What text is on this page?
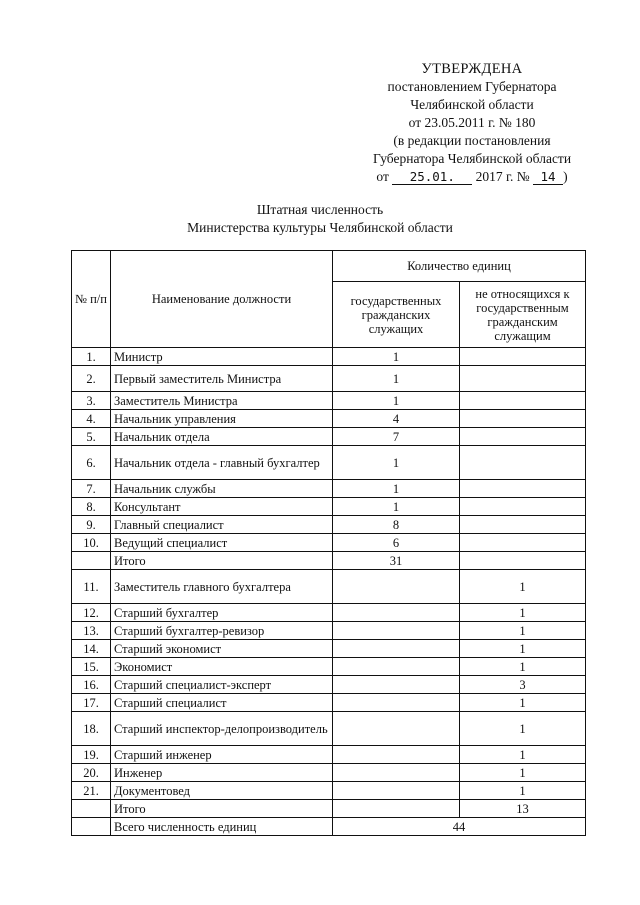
УТВЕРЖДЕНА
постановлением Губернатора
Челябинской области
от 23.05.2011 г. № 180
(в редакции постановления
Губернатора Челябинской области
от 25.01. 2017 г. № 14 )
Штатная численность
Министерства культуры Челябинской области
№ п/п	Наименование должности	Количество единиц	
		государственных гражданских служащих	не относящихся к государственным гражданским служащим
1.	Министр	1	
2.	Первый заместитель Министра	1	
3.	Заместитель Министра	1	
4.	Начальник управления	4	
5.	Начальник отдела	7	
6.	Начальник отдела - главный бухгалтер	1	
7.	Начальник службы	1	
8.	Консультант	1	
9.	Главный специалист	8	
10.	Ведущий специалист	6	
	Итого	31	
11.	Заместитель главного бухгалтера		1
12.	Старший бухгалтер		1
13.	Старший бухгалтер-ревизор		1
14.	Старший экономист		1
15.	Экономист		1
16.	Старший специалист-эксперт		3
17.	Старший специалист		1
18.	Старший инспектор-делопроизводитель		1
19.	Старший инженер		1
20.	Инженер		1
21.	Документовед		1
	Итого		13
	Всего численность единиц	44	
